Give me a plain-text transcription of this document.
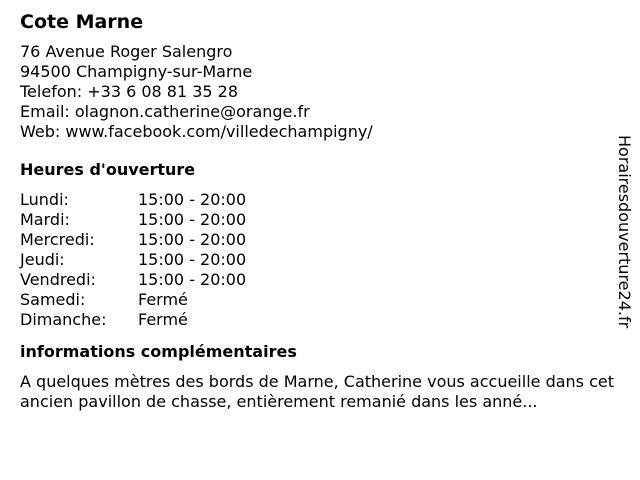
Cote Marne
76 Avenue Roger Salengro
94500 Champigny-sur-Marne
Telefon: +33 6 08 81 35 28
Email: olagnon.catherine@orange.fr
Web: www.facebook.com/villedechampigny/
Heures d'ouverture
Lundi:	15:00 - 20:00
Mardi:	15:00 - 20:00
Mercredi:	15:00 - 20:00
Jeudi:	15:00 - 20:00
Vendredi:	15:00 - 20:00
Samedi:	Fermé
Dimanche:	Fermé
informations complémentaires
A quelques mètres des bords de Marne, Catherine vous accueille dans cet ancien pavillon de chasse, entièrement remanié dans les anné...
Horairesdouverture24.fr
